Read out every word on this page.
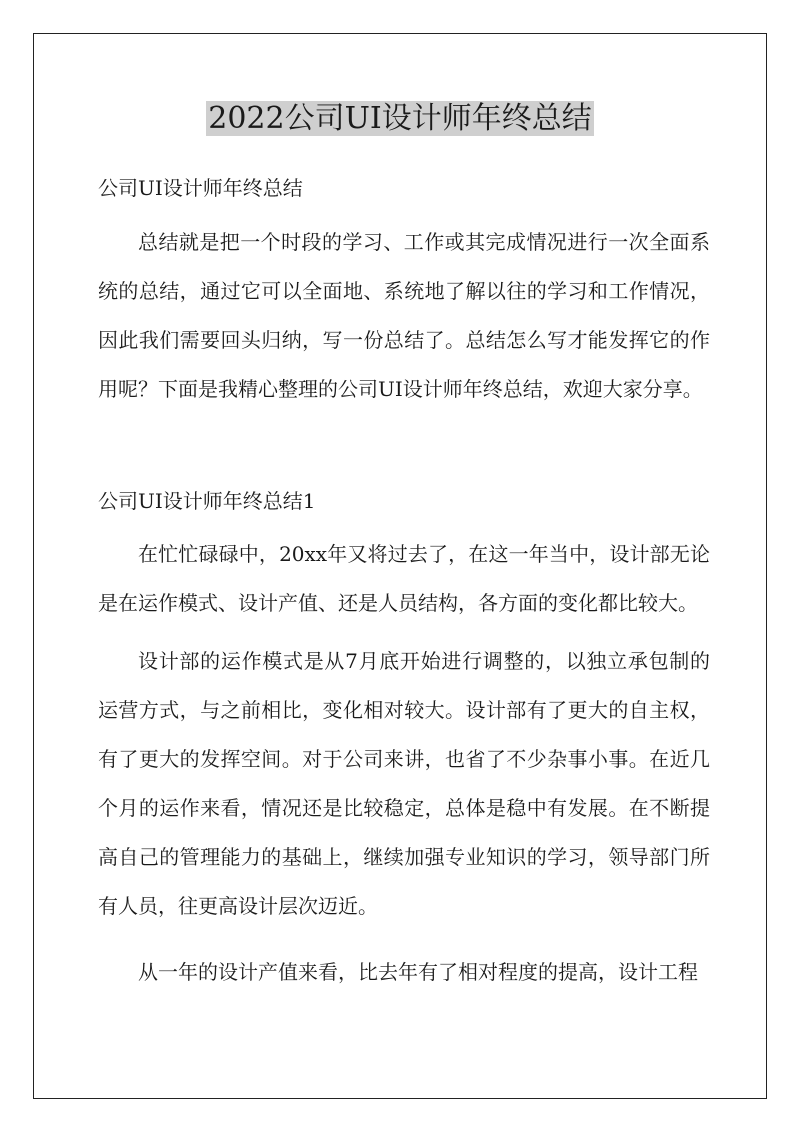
2022公司UI设计师年终总结

公司UI设计师年终总结

总结就是把一个时段的学习、工作或其完成情况进行一次全面系统的总结，通过它可以全面地、系统地了解以往的学习和工作情况，因此我们需要回头归纳，写一份总结了。总结怎么写才能发挥它的作用呢？下面是我精心整理的公司UI设计师年终总结，欢迎大家分享。

公司UI设计师年终总结1

在忙忙碌碌中，20xx年又将过去了，在这一年当中，设计部无论是在运作模式、设计产值、还是人员结构，各方面的变化都比较大。

设计部的运作模式是从7月底开始进行调整的，以独立承包制的运营方式，与之前相比，变化相对较大。设计部有了更大的自主权，有了更大的发挥空间。对于公司来讲，也省了不少杂事小事。在近几个月的运作来看，情况还是比较稳定，总体是稳中有发展。在不断提高自己的管理能力的基础上，继续加强专业知识的学习，领导部门所有人员，往更高设计层次迈近。

从一年的设计产值来看，比去年有了相对程度的提高，设计工程
